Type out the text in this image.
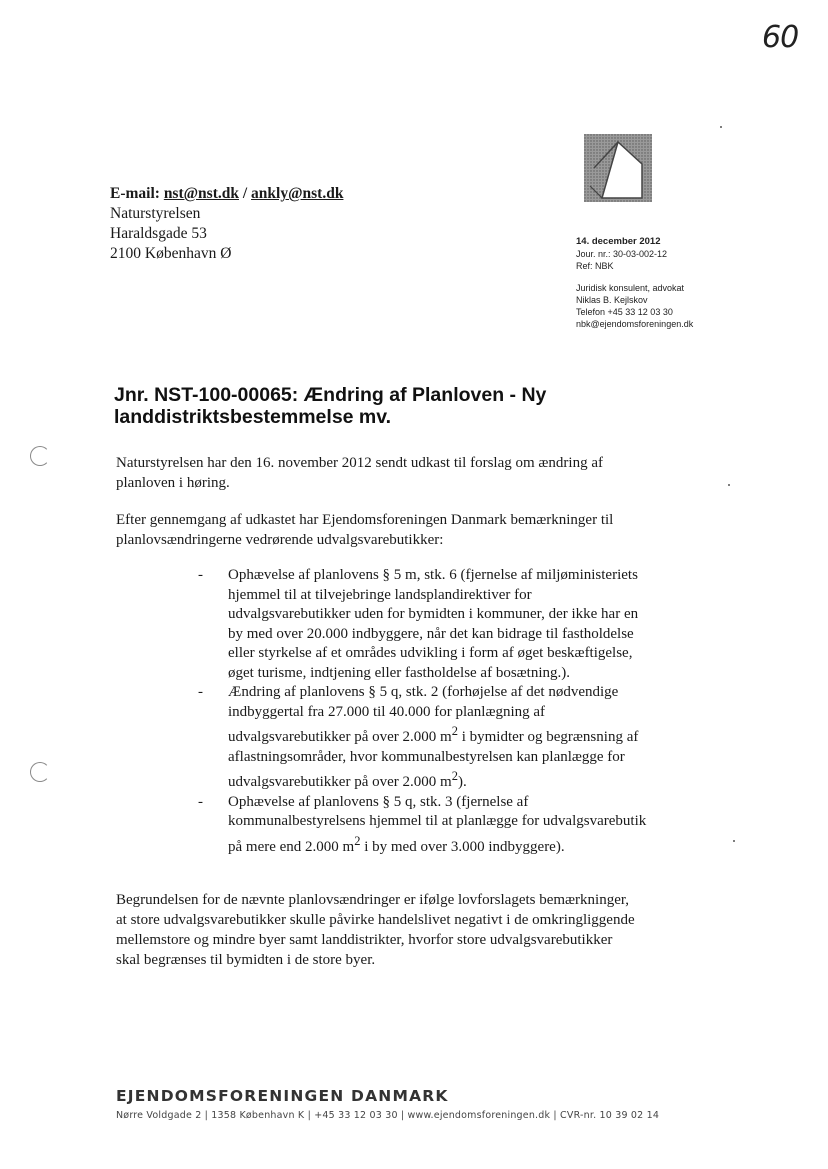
60
E-mail: nst@nst.dk / ankly@nst.dk
Naturstyrelsen
Haraldsgade 53
2100 København Ø
14. december 2012
Jour. nr.: 30-03-002-12
Ref: NBK
Juridisk konsulent, advokat
Niklas B. Kejlskov
Telefon +45 33 12 03 30
nbk@ejendomsforeningen.dk
Jnr. NST-100-00065: Ændring af Planloven - Ny landdistriktsbestemmelse mv.

Naturstyrelsen har den 16. november 2012 sendt udkast til forslag om ændring af planloven i høring.

Efter gennemgang af udkastet har Ejendomsforeningen Danmark bemærkninger til planlovsændringerne vedrørende udvalgsvarebutikker:

- Ophævelse af planlovens § 5 m, stk. 6 (fjernelse af miljøministeriets hjemmel til at tilvejebringe landsplandirektiver for udvalgsvarebutikker uden for bymidten i kommuner, der ikke har en by med over 20.000 indbyggere, når det kan bidrage til fastholdelse eller styrkelse af et områdes udvikling i form af øget beskæftigelse, øget turisme, indtjening eller fastholdelse af bosætning.).
- Ændring af planlovens § 5 q, stk. 2 (forhøjelse af det nødvendige indbyggertal fra 27.000 til 40.000 for planlægning af udvalgsvarebutikker på over 2.000 $m^2$ i bymidter og begrænsning af aflastningsområder, hvor kommunalbestyrelsen kan planlægge for udvalgsvarebutikker på over 2.000 $m^2$).
- Ophævelse af planlovens § 5 q, stk. 3 (fjernelse af kommunalbestyrelsens hjemmel til at planlægge for udvalgsvarebutik på mere end 2.000 $m^2$ i by med over 3.000 indbyggere).

Begrundelsen for de nævnte planlovsændringer er ifølge lovforslagets bemærkninger, at store udvalgsvarebutikker skulle påvirke handelslivet negativt i de omkringliggende mellemstore og mindre byer samt landdistrikter, hvorfor store udvalgsvarebutikker skal begrænses til bymidten i de store byer.

EJENDOMSFORENINGEN DANMARK
Nørre Voldgade 2 | 1358 København K | +45 33 12 03 30 | www.ejendomsforeningen.dk | CVR-nr. 10 39 02 14
